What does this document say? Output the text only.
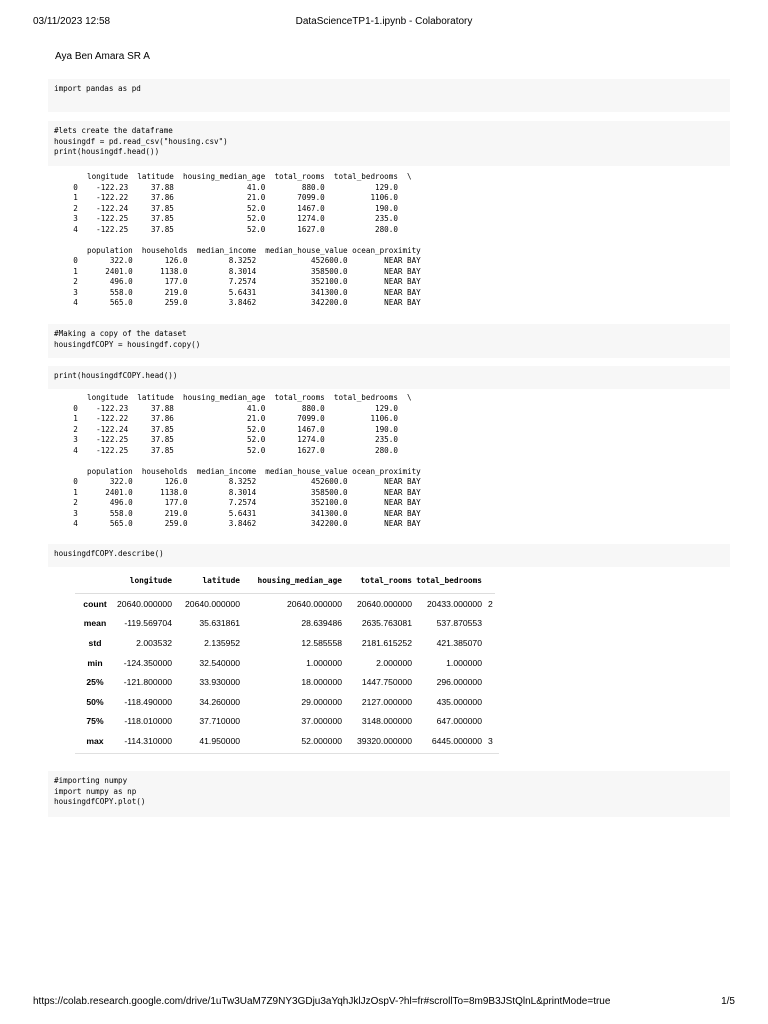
03/11/2023 12:58	DataScienceTP1-1.ipynb - Colaboratory
Aya Ben Amara SR A
import pandas as pd
#lets create the dataframe
housingdf = pd.read_csv("housing.csv")
print(housingdf.head())
longitude  latitude  housing_median_age  total_rooms  total_bedrooms  \
0    -122.23     37.88                41.0        880.0           129.0
1    -122.22     37.86                21.0       7099.0          1106.0
2    -122.24     37.85                52.0       1467.0           190.0
3    -122.25     37.85                52.0       1274.0           235.0
4    -122.25     37.85                52.0       1627.0           280.0
population  households  median_income  median_house_value ocean_proximity
0       322.0       126.0         8.3252            452600.0        NEAR BAY
1      2401.0      1138.0         8.3014            358500.0        NEAR BAY
2       496.0       177.0         7.2574            352100.0        NEAR BAY
3       558.0       219.0         5.6431            341300.0        NEAR BAY
4       565.0       259.0         3.8462            342200.0        NEAR BAY
#Making a copy of the dataset
housingdfCOPY = housingdf.copy()
print(housingdfCOPY.head())
longitude  latitude  housing_median_age  total_rooms  total_bedrooms  \
0    -122.23     37.88                41.0        880.0           129.0
1    -122.22     37.86                21.0       7099.0          1106.0
2    -122.24     37.85                52.0       1467.0           190.0
3    -122.25     37.85                52.0       1274.0           235.0
4    -122.25     37.85                52.0       1627.0           280.0
population  households  median_income  median_house_value ocean_proximity
0       322.0       126.0         8.3252            452600.0        NEAR BAY
1      2401.0      1138.0         8.3014            358500.0        NEAR BAY
2       496.0       177.0         7.2574            352100.0        NEAR BAY
3       558.0       219.0         5.6431            341300.0        NEAR BAY
4       565.0       259.0         3.8462            342200.0        NEAR BAY
housingdfCOPY.describe()
	longitude	latitude	housing_median_age	total_rooms	total_bedrooms	
count	20640.000000	20640.000000	20640.000000	20640.000000	20433.000000	2
mean	-119.569704	35.631861	28.639486	2635.763081	537.870553	
std	2.003532	2.135952	12.585558	2181.615252	421.385070	
min	-124.350000	32.540000	1.000000	2.000000	1.000000	
25%	-121.800000	33.930000	18.000000	1447.750000	296.000000	
50%	-118.490000	34.260000	29.000000	2127.000000	435.000000	
75%	-118.010000	37.710000	37.000000	3148.000000	647.000000	
max	-114.310000	41.950000	52.000000	39320.000000	6445.000000	3
#importing numpy
import numpy as np
housingdfCOPY.plot()
https://colab.research.google.com/drive/1uTw3UaM7Z9NY3GDju3aYqhJklJzOspV-?hl=fr#scrollTo=8m9B3JStQlnL&printMode=true	1/5
